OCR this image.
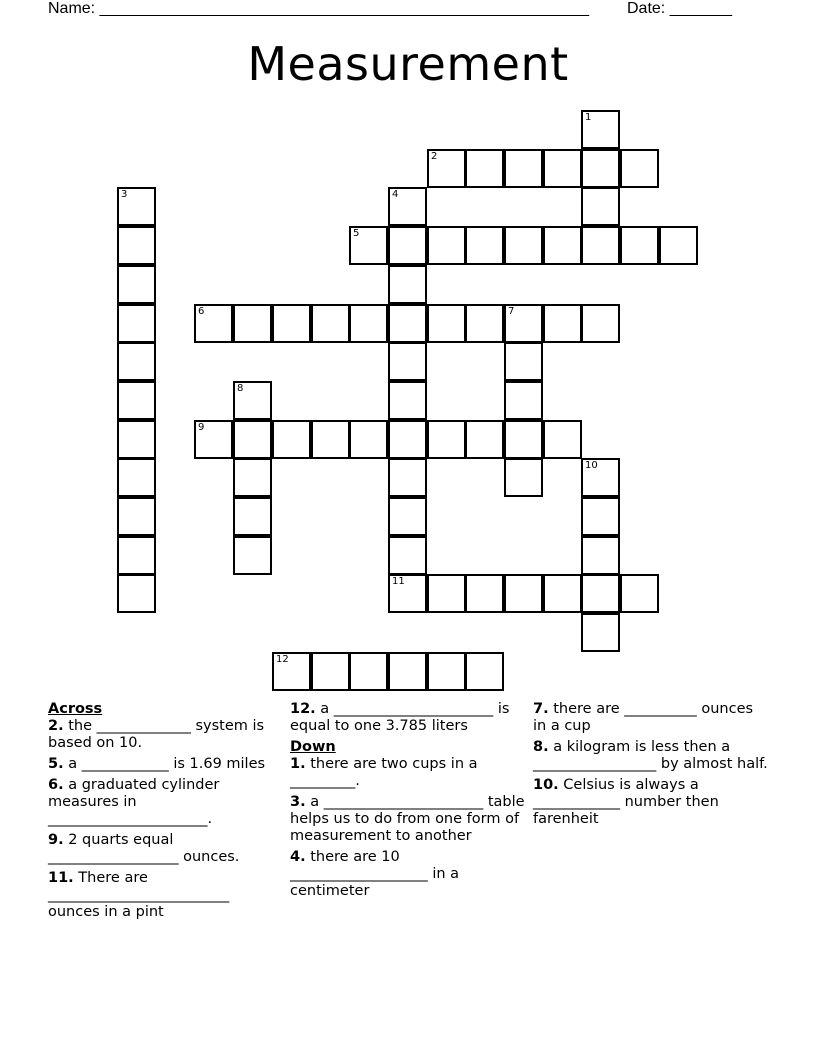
Name: _______________________________________________________ Date: _______
Measurement
1
2
3	4
11
5
6	7
8
9
10
12

Across

2. the _____________ system is based on 10.

5. a ____________ is 1.69 miles

6. a graduated cylinder measures in ______________________.

9. 2 quarts equal __________________ ounces.

11. There are _________________________ ounces in a pint

12. a ______________________ is equal to one 3.785 liters

Down

1. there are two cups in a _________.

3. a ______________________ table helps us to do from one form of measurement to another

4. there are 10 ___________________ in a centimeter

7. there are __________ ounces in a cup

8. a kilogram is less then a _________________ by almost half.

10. Celsius is always a ____________ number then farenheit
